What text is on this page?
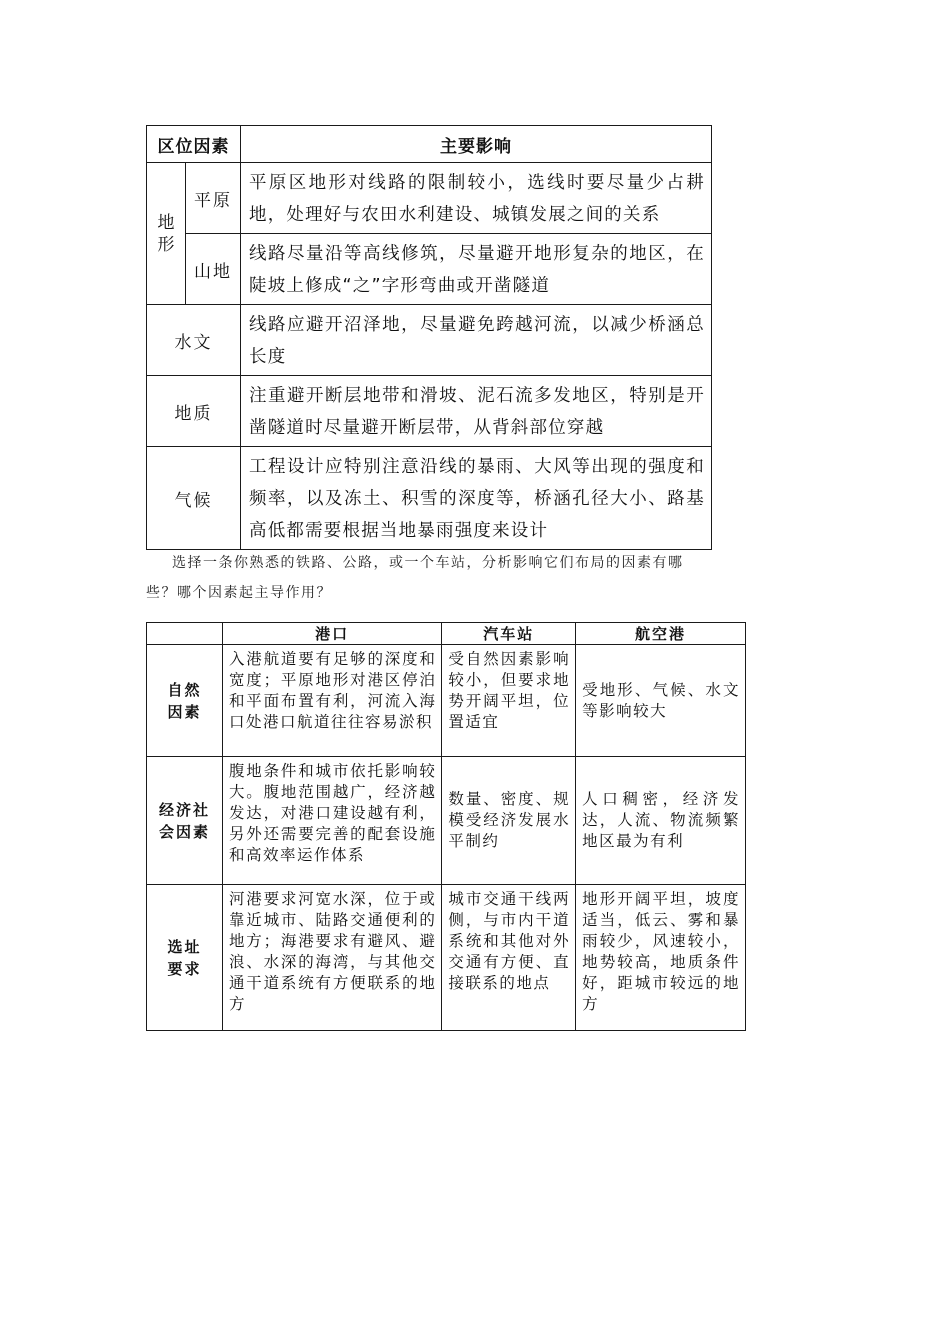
区位因素		主要影响
地形	平原	平原区地形对线路的限制较小，选线时要尽量少占耕地，处理好与农田水利建设、城镇发展之间的关系
	山地	线路尽量沿等高线修筑，尽量避开地形复杂的地区，在陡坡上修成“之”字形弯曲或开凿隧道
水文		线路应避开沼泽地，尽量避免跨越河流，以减少桥涵总长度
地质		注重避开断层地带和滑坡、泥石流多发地区，特别是开凿隧道时尽量避开断层带，从背斜部位穿越
气候		工程设计应特别注意沿线的暴雨、大风等出现的强度和频率，以及冻土、积雪的深度等，桥涵孔径大小、路基高低都需要根据当地暴雨强度来设计
选择一条你熟悉的铁路、公路，或一个车站，分析影响它们布局的因素有哪些？哪个因素起主导作用？
	港口	汽车站	航空港
自然因素	入港航道要有足够的深度和宽度；平原地形对港区停泊和平面布置有利，河流入海口处港口航道往往容易淤积	受自然因素影响较小，但要求地势开阔平坦，位置适宜	受地形、气候、水文等影响较大
经济社会因素	腹地条件和城市依托影响较大。腹地范围越广，经济越发达，对港口建设越有利，另外还需要完善的配套设施和高效率运作体系	数量、密度、规模受经济发展水平制约	人口稠密，经济发达，人流、物流频繁地区最为有利
选址要求	河港要求河宽水深，位于或靠近城市、陆路交通便利的地方；海港要求有避风、避浪、水深的海湾，与其他交通干道系统有方便联系的地方	城市交通干线两侧，与市内干道系统和其他对外交通有方便、直接联系的地点	地形开阔平坦，坡度适当，低云、雾和暴雨较少，风速较小，地势较高，地质条件好，距城市较远的地方
